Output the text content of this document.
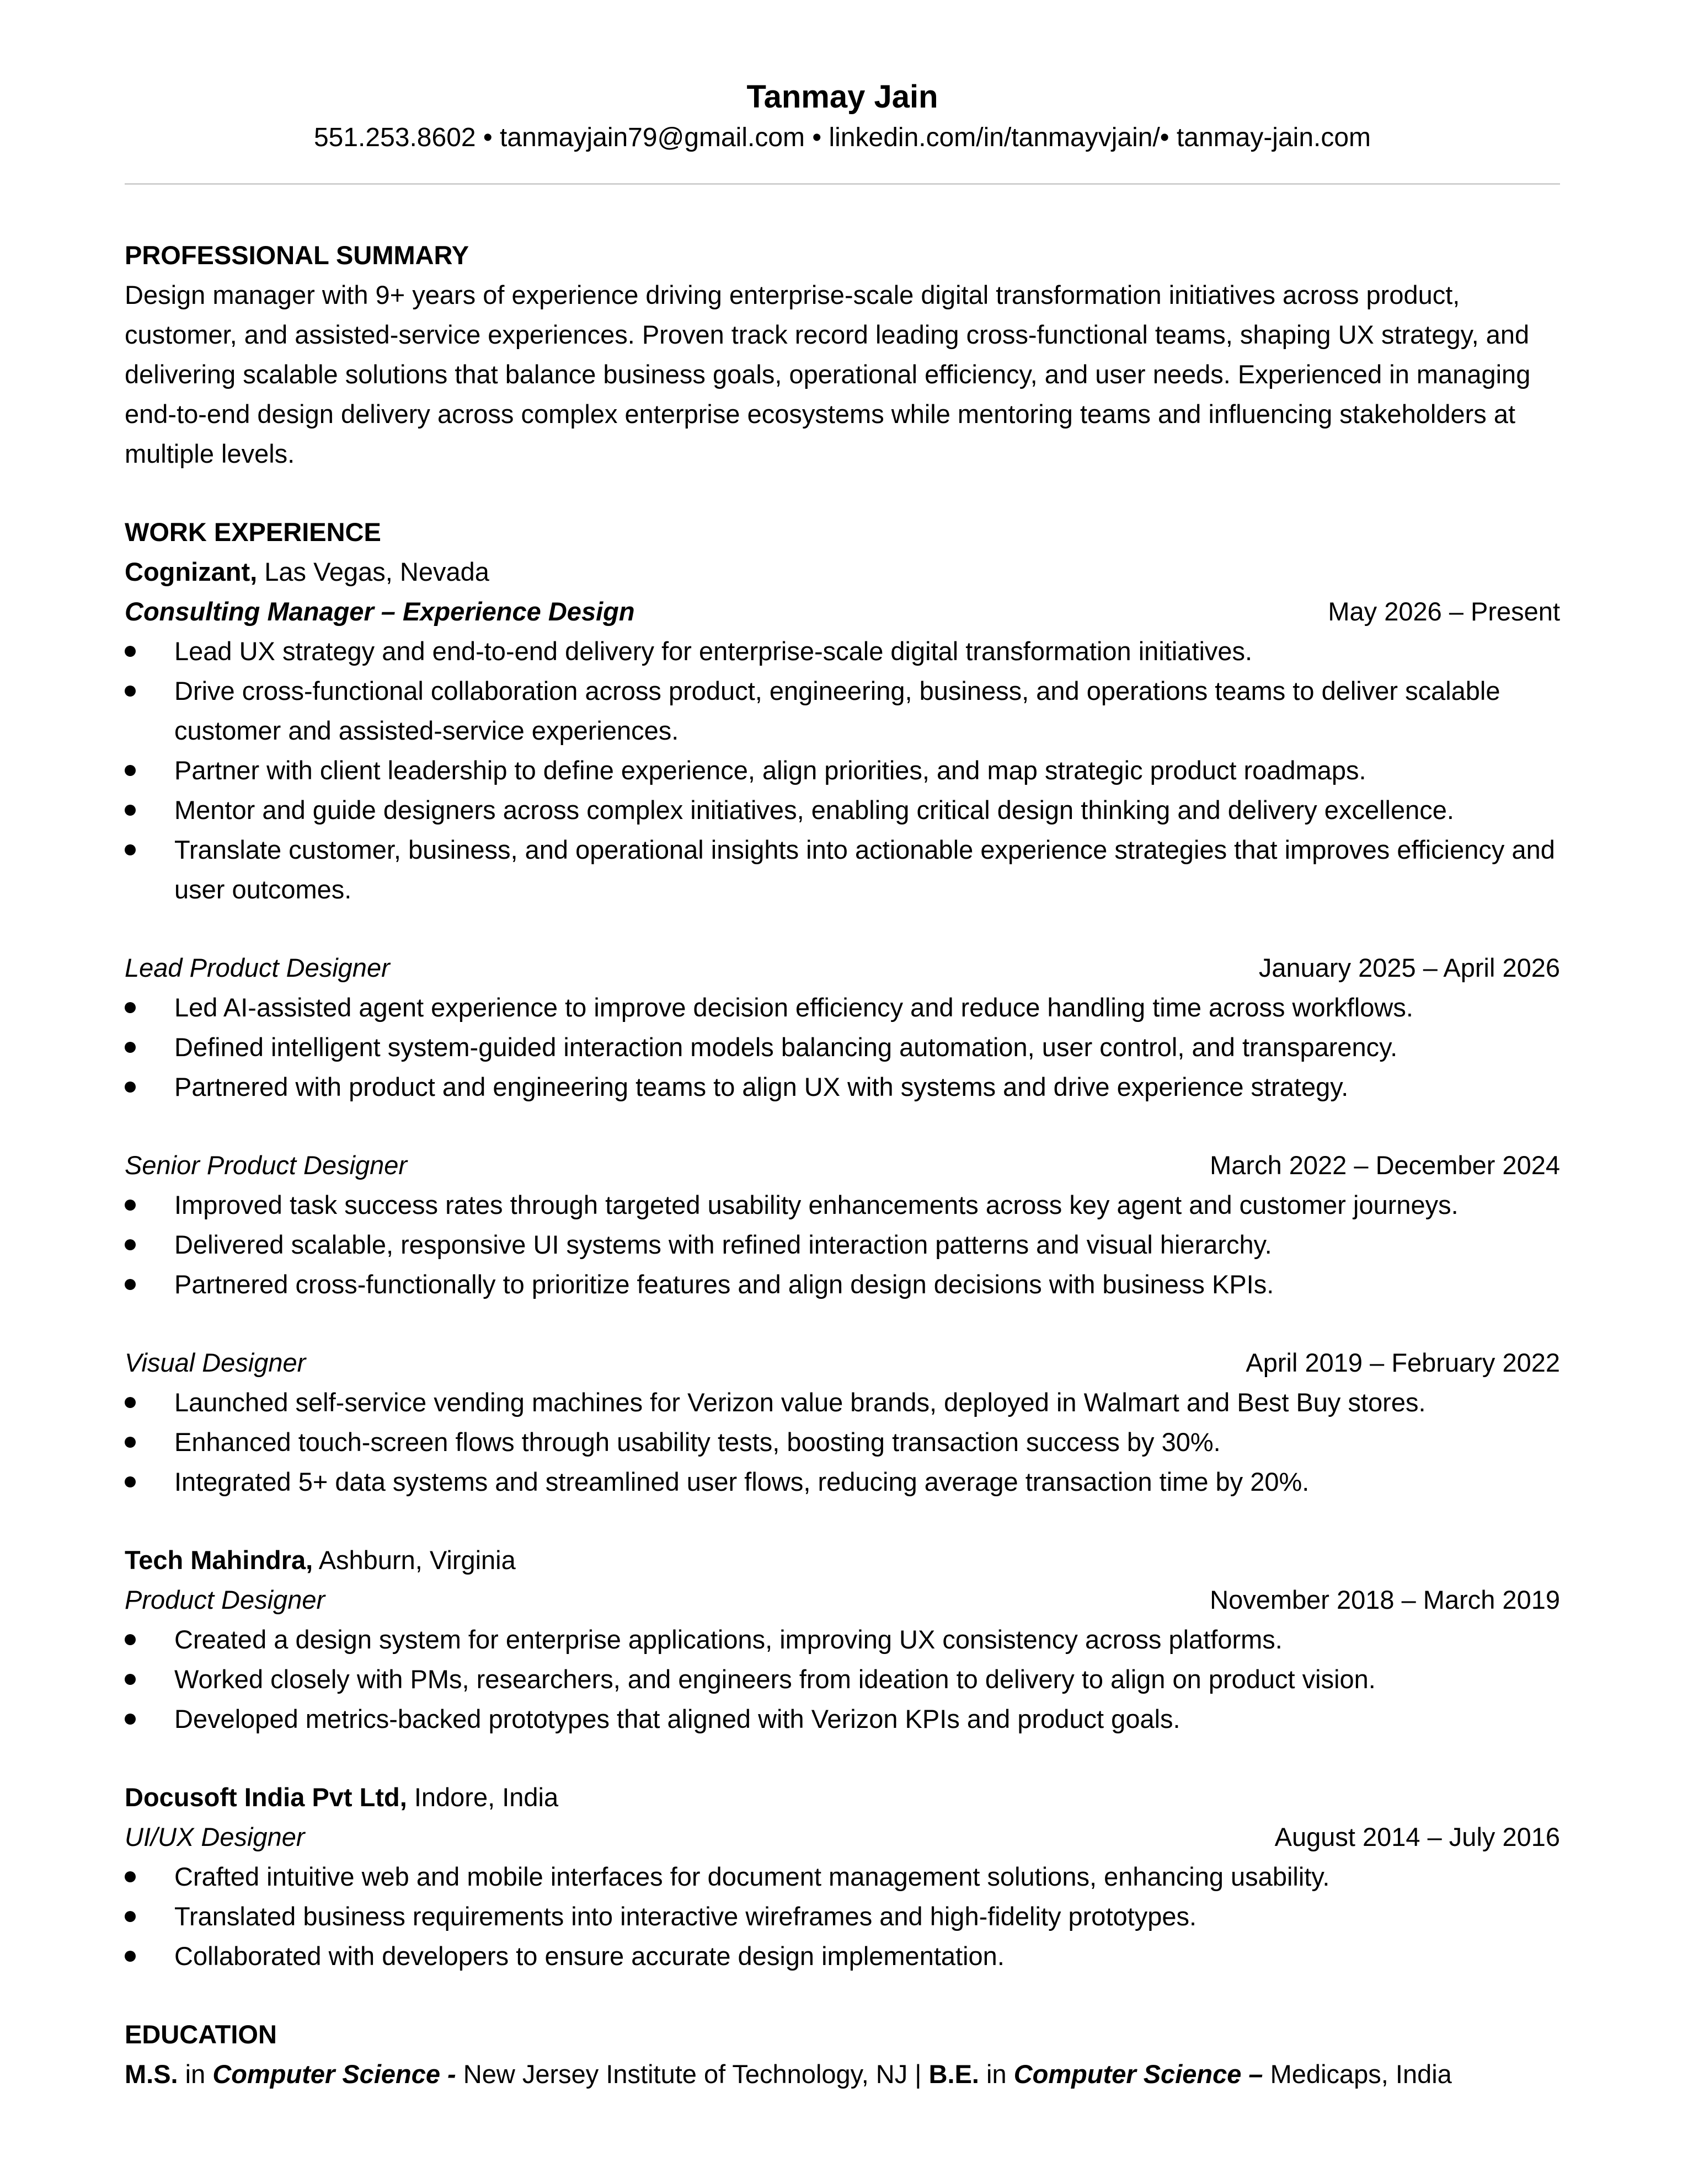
Tanmay Jain
551.253.8602 • tanmayjain79@gmail.com • linkedin.com/in/tanmayvjain/• tanmay-jain.com
PROFESSIONAL SUMMARY
Design manager with 9+ years of experience driving enterprise-scale digital transformation initiatives across product, customer, and assisted-service experiences. Proven track record leading cross-functional teams, shaping UX strategy, and delivering scalable solutions that balance business goals, operational efficiency, and user needs. Experienced in managing end-to-end design delivery across complex enterprise ecosystems while mentoring teams and influencing stakeholders at multiple levels.
WORK EXPERIENCE
Cognizant, Las Vegas, Nevada
Consulting Manager – Experience Design	May 2026 – Present
Lead UX strategy and end-to-end delivery for enterprise-scale digital transformation initiatives.
Drive cross-functional collaboration across product, engineering, business, and operations teams to deliver scalable customer and assisted-service experiences.
Partner with client leadership to define experience, align priorities, and map strategic product roadmaps.
Mentor and guide designers across complex initiatives, enabling critical design thinking and delivery excellence.
Translate customer, business, and operational insights into actionable experience strategies that improves efficiency and user outcomes.
Lead Product Designer	January 2025 – April 2026
Led AI-assisted agent experience to improve decision efficiency and reduce handling time across workflows.
Defined intelligent system-guided interaction models balancing automation, user control, and transparency.
Partnered with product and engineering teams to align UX with systems and drive experience strategy.
Senior Product Designer	March 2022 – December 2024
Improved task success rates through targeted usability enhancements across key agent and customer journeys.
Delivered scalable, responsive UI systems with refined interaction patterns and visual hierarchy.
Partnered cross-functionally to prioritize features and align design decisions with business KPIs.
Visual Designer	April 2019 – February 2022
Launched self-service vending machines for Verizon value brands, deployed in Walmart and Best Buy stores.
Enhanced touch-screen flows through usability tests, boosting transaction success by 30%.
Integrated 5+ data systems and streamlined user flows, reducing average transaction time by 20%.
Tech Mahindra, Ashburn, Virginia
Product Designer	November 2018 – March 2019
Created a design system for enterprise applications, improving UX consistency across platforms.
Worked closely with PMs, researchers, and engineers from ideation to delivery to align on product vision.
Developed metrics-backed prototypes that aligned with Verizon KPIs and product goals.
Docusoft India Pvt Ltd, Indore, India
UI/UX Designer	August 2014 – July 2016
Crafted intuitive web and mobile interfaces for document management solutions, enhancing usability.
Translated business requirements into interactive wireframes and high-fidelity prototypes.
Collaborated with developers to ensure accurate design implementation.
EDUCATION
M.S. in Computer Science - New Jersey Institute of Technology, NJ | B.E. in Computer Science – Medicaps, India
